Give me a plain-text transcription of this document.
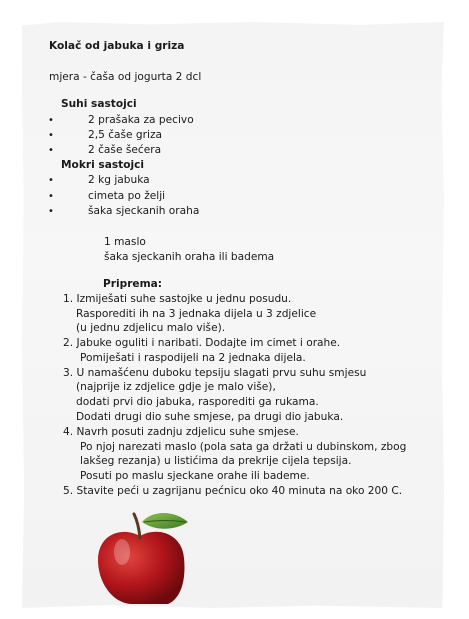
Kolač od jabuka i griza
mjera - čaša od jogurta 2 dcl
Suhi sastojci
•	2 prašaka za pecivo
•	2,5 čaše griza
•	2 čaše šećera
Mokri sastojci
•	2 kg jabuka
•	cimeta po želji
•	šaka sjeckanih oraha
1 maslo
šaka sjeckanih oraha ili badema
Priprema:
1. Izmiješati suhe sastojke u jednu posudu.
Rasporediti ih na 3 jednaka dijela u 3 zdjelice
(u jednu zdjelicu malo više).
2. Jabuke oguliti i naribati. Dodajte im cimet i orahe.
Pomiješati i raspodijeli na 2 jednaka dijela.
3. U namašćenu duboku tepsiju slagati prvu suhu smjesu
(najprije iz zdjelice gdje je malo više),
dodati prvi dio jabuka, rasporediti ga rukama.
Dodati drugi dio suhe smjese, pa drugi dio jabuka.
4. Navrh posuti zadnju zdjelicu suhe smjese.
Po njoj narezati maslo (pola sata ga držati u dubinskom, zbog
lakšeg rezanja) u listićima da prekrije cijela tepsija.
Posuti po maslu sjeckane orahe ili bademe.
5. Stavite peći u zagrijanu pećnicu oko 40 minuta na oko 200 C.
